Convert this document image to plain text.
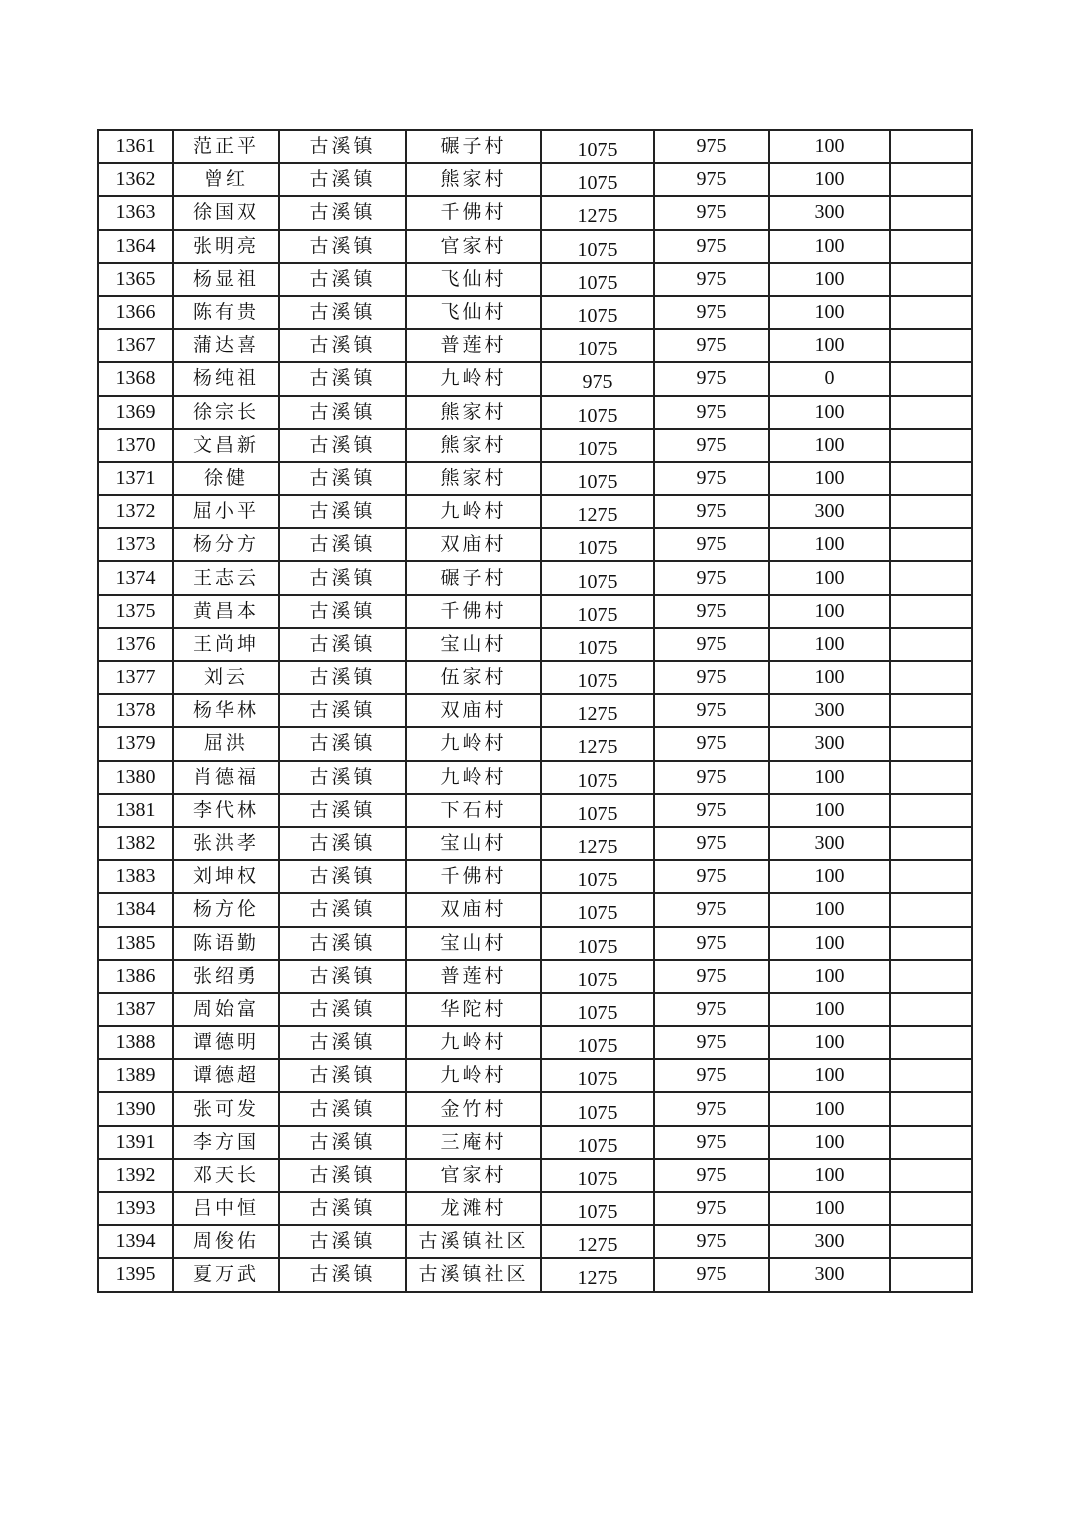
1361	范正平	古溪镇	碾子村	1075	975	100	
1362	曾红	古溪镇	熊家村	1075	975	100	
1363	徐国双	古溪镇	千佛村	1275	975	300	
1364	张明亮	古溪镇	官家村	1075	975	100	
1365	杨显祖	古溪镇	飞仙村	1075	975	100	
1366	陈有贵	古溪镇	飞仙村	1075	975	100	
1367	蒲达喜	古溪镇	普莲村	1075	975	100	
1368	杨纯祖	古溪镇	九岭村	975	975	0	
1369	徐宗长	古溪镇	熊家村	1075	975	100	
1370	文昌新	古溪镇	熊家村	1075	975	100	
1371	徐健	古溪镇	熊家村	1075	975	100	
1372	屈小平	古溪镇	九岭村	1275	975	300	
1373	杨分方	古溪镇	双庙村	1075	975	100	
1374	王志云	古溪镇	碾子村	1075	975	100	
1375	黄昌本	古溪镇	千佛村	1075	975	100	
1376	王尚坤	古溪镇	宝山村	1075	975	100	
1377	刘云	古溪镇	伍家村	1075	975	100	
1378	杨华林	古溪镇	双庙村	1275	975	300	
1379	屈洪	古溪镇	九岭村	1275	975	300	
1380	肖德福	古溪镇	九岭村	1075	975	100	
1381	李代林	古溪镇	下石村	1075	975	100	
1382	张洪孝	古溪镇	宝山村	1275	975	300	
1383	刘坤权	古溪镇	千佛村	1075	975	100	
1384	杨方伦	古溪镇	双庙村	1075	975	100	
1385	陈语勤	古溪镇	宝山村	1075	975	100	
1386	张绍勇	古溪镇	普莲村	1075	975	100	
1387	周始富	古溪镇	华陀村	1075	975	100	
1388	谭德明	古溪镇	九岭村	1075	975	100	
1389	谭德超	古溪镇	九岭村	1075	975	100	
1390	张可发	古溪镇	金竹村	1075	975	100	
1391	李方国	古溪镇	三庵村	1075	975	100	
1392	邓天长	古溪镇	官家村	1075	975	100	
1393	吕中恒	古溪镇	龙滩村	1075	975	100	
1394	周俊佑	古溪镇	古溪镇社区	1275	975	300	
1395	夏万武	古溪镇	古溪镇社区	1275	975	300	
